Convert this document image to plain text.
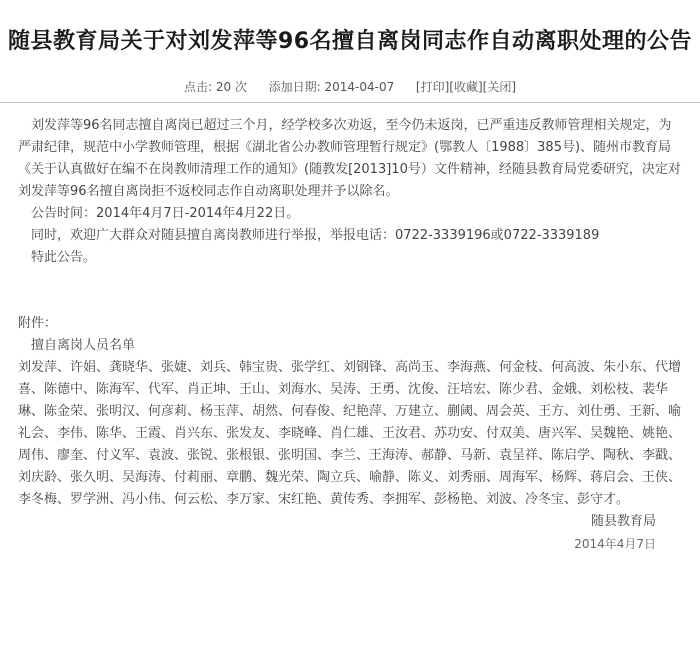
随县教育局关于对刘发萍等96名擅自离岗同志作自动离职处理的公告
点击: 20 次 添加日期: 2014-04-07 [打印][收藏][关闭]

刘发萍等96名同志擅自离岗已超过三个月，经学校多次劝返，至今仍未返岗，已严重违反教师管理相关规定，为严肃纪律，规范中小学教师管理，根据《湖北省公办教师管理暂行规定》(鄂教人〔1988〕385号)、随州市教育局《关于认真做好在编不在岗教师清理工作的通知》(随教发[2013]10号）文件精神，经随县教育局党委研究，决定对刘发萍等96名擅自离岗拒不返校同志作自动离职处理并予以除名。

公告时间：2014年4月7日-2014年4月22日。
同时，欢迎广大群众对随县擅自离岗教师进行举报，举报电话：0722-3339196或0722-3339189
特此公告。
附件：
擅自离岗人员名单
刘发萍、许娟、龚晓华、张婕、刘兵、韩宝贵、张学红、刘钢锋、高尚玉、李海燕、何金枝、何高波、朱小东、代增喜、陈德中、陈海军、代军、肖正坤、王山、刘海水、吴涛、王勇、沈俊、汪培宏、陈少君、金娥、刘松枝、裴华琳、陈金荣、张明汉、何彦莉、杨玉萍、胡然、何春俊、纪艳萍、万建立、蒯阈、周会英、王方、刘仕勇、王新、喻礼会、李伟、陈华、王霞、肖兴东、张发友、李晓峰、肖仁雄、王汝君、苏功安、付双美、唐兴军、吴魏艳、姚艳、周伟、廖奎、付义军、袁波、张锐、张根银、张明国、李兰、王海涛、郝静、马新、袁呈祥、陈启学、陶秋、李戳、刘庆龄、张久明、吴海涛、付莉丽、章鹏、魏光荣、陶立兵、喻静、陈义、刘秀丽、周海军、杨辉、蒋启会、王侠、李冬梅、罗学洲、冯小伟、何云松、李万家、宋红艳、黄传秀、李拥军、彭杨艳、刘波、冷冬宝、彭守才。
随县教育局
2014年4月7日
